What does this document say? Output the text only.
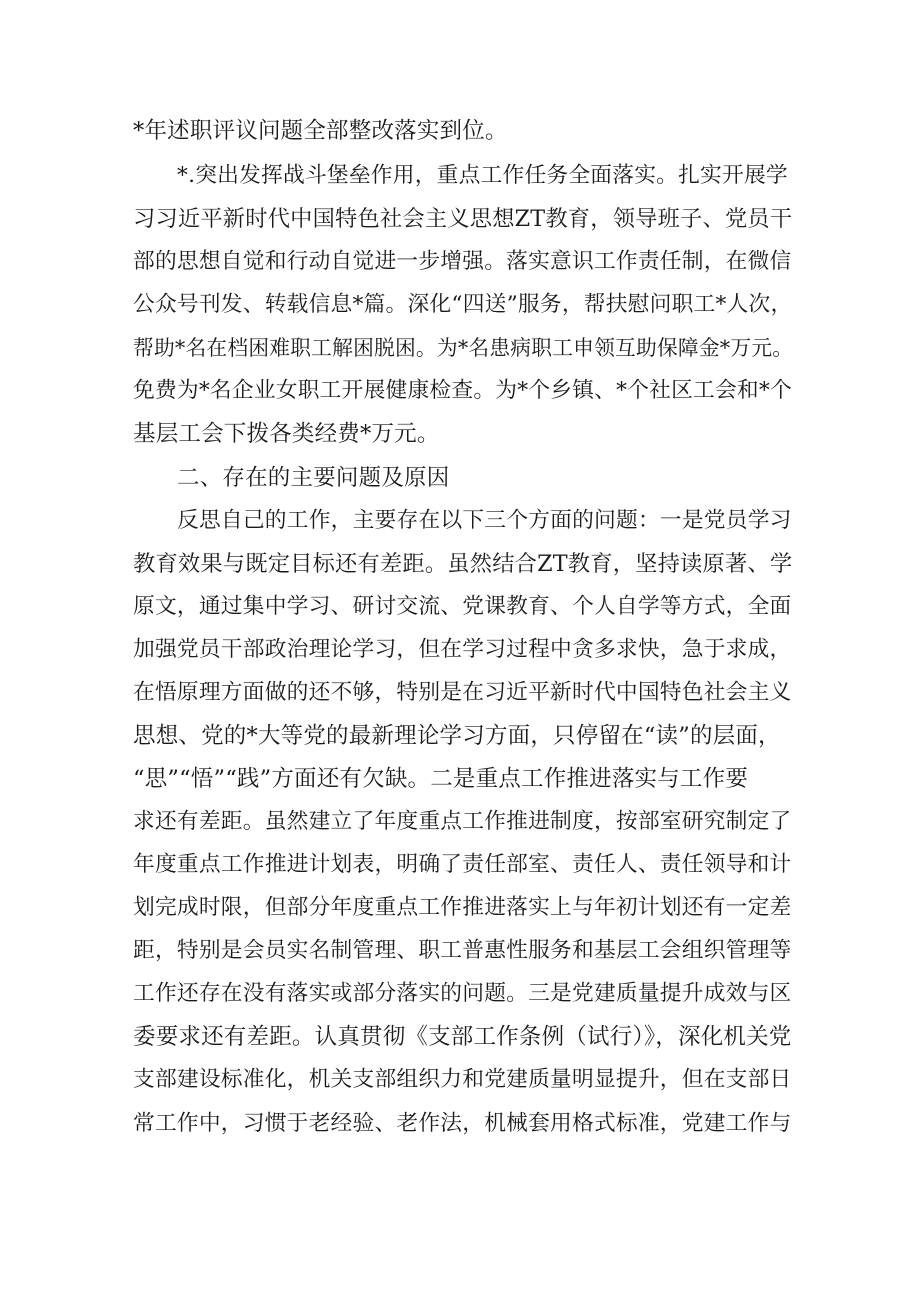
*年述职评议问题全部整改落实到位。
*.突出发挥战斗堡垒作用，重点工作任务全面落实。扎实开展学
习习近平新时代中国特色社会主义思想ZT教育，领导班子、党员干
部的思想自觉和行动自觉进一步增强。落实意识工作责任制，在微信
公众号刊发、转载信息*篇。深化“四送”服务，帮扶慰问职工*人次，
帮助*名在档困难职工解困脱困。为*名患病职工申领互助保障金*万元。
免费为*名企业女职工开展健康检查。为*个乡镇、*个社区工会和*个
基层工会下拨各类经费*万元。
二、存在的主要问题及原因
反思自己的工作，主要存在以下三个方面的问题：一是党员学习
教育效果与既定目标还有差距。虽然结合ZT教育，坚持读原著、学
原文，通过集中学习、研讨交流、党课教育、个人自学等方式，全面
加强党员干部政治理论学习，但在学习过程中贪多求快，急于求成，
在悟原理方面做的还不够，特别是在习近平新时代中国特色社会主义
思想、党的*大等党的最新理论学习方面，只停留在“读”的层面，
“思”“悟”“践”方面还有欠缺。二是重点工作推进落实与工作要
求还有差距。虽然建立了年度重点工作推进制度，按部室研究制定了
年度重点工作推进计划表，明确了责任部室、责任人、责任领导和计
划完成时限，但部分年度重点工作推进落实上与年初计划还有一定差
距，特别是会员实名制管理、职工普惠性服务和基层工会组织管理等
工作还存在没有落实或部分落实的问题。三是党建质量提升成效与区
委要求还有差距。认真贯彻《支部工作条例（试行）》，深化机关党
支部建设标准化，机关支部组织力和党建质量明显提升，但在支部日
常工作中，习惯于老经验、老作法，机械套用格式标准，党建工作与
